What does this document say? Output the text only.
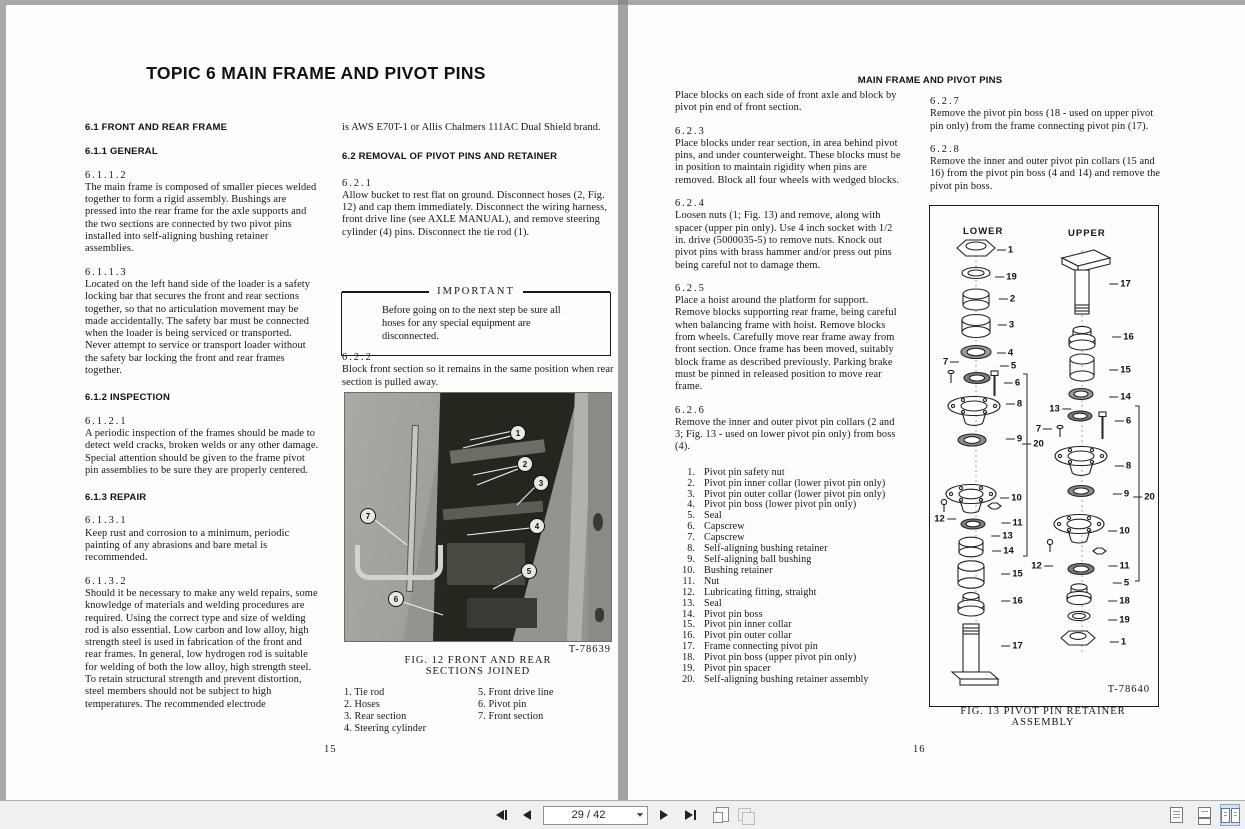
TOPIC 6 MAIN FRAME AND PIVOT PINS
6.1 FRONT AND REAR FRAME
6.1.1 GENERAL

6.1.1.2

The main frame is composed of smaller pieces welded together to form a rigid assembly. Bushings are pressed into the rear frame for the axle supports and the two sections are connected by two pivot pins installed into self-aligning bushing retainer assemblies.

6.1.1.3

Located on the left hand side of the loader is a safety locking bar that secures the front and rear sections together, so that no articulation movement may be made accidentally. The safety bar must be connected when the loader is being serviced or transported. Never attempt to service or transport loader without the safety bar locking the front and rear frames together.

6.1.2 INSPECTION

6.1.2.1

A periodic inspection of the frames should be made to detect weld cracks, broken welds or any other damage. Special attention should be given to the frame pivot pin assemblies to be sure they are properly centered.

6.1.3 REPAIR

6.1.3.1

Keep rust and corrosion to a minimum, periodic painting of any abrasions and bare metal is recommended.

6.1.3.2

Should it be necessary to make any weld repairs, some knowledge of materials and welding procedures are required. Using the correct type and size of welding rod is also essential. Low carbon and low alloy, high strength steel is used in fabrication of the front and rear frames. In general, low hydrogen rod is suitable for welding of both the low alloy, high strength steel. To retain structural strength and prevent distortion, steel members should not be subject to high temperatures. The recommended electrode

is AWS E70T-1 or Allis Chalmers 111AC Dual Shield brand.

6.2 REMOVAL OF PIVOT PINS AND RETAINER

6.2.1

Allow bucket to rest flat on ground. Disconnect hoses (2, Fig. 12) and cap them immediately. Disconnect the wiring harness, front drive line (see AXLE MANUAL), and remove steering cylinder (4) pins. Disconnect the tie rod (1).

IMPORTANT
Before going on to the next step be sure all hoses for any special equipment are disconnected.

6.2.2

Block front section so it remains in the same position when rear section is pulled away.

1
2
3
4
7
5
6
T-78639
FIG. 12 FRONT AND REAR
SECTIONS JOINED
1. Tie rod
2. Hoses
3. Rear section
4. Steering cylinder
5. Front drive line
6. Pivot pin
7. Front section
15
MAIN FRAME AND PIVOT PINS

Place blocks on each side of front axle and block by pivot pin end of front section.

6.2.3

Place blocks under rear section, in area behind pivot pins, and under counterweight. These blocks must be in position to maintain rigidity when pins are removed. Block all four wheels with wedged blocks.

6.2.4

Loosen nuts (1; Fig. 13) and remove, along with spacer (upper pin only). Use 4 inch socket with 1/2 in. drive (5000035-5) to remove nuts. Knock out pivot pins with brass hammer and/or press out pins being careful not to damage them.

6.2.5

Place a hoist around the platform for support. Remove blocks supporting rear frame, being careful when balancing frame with hoist. Remove blocks from wheels. Carefully move rear frame away from front section. Once frame has been moved, suitably block frame as described previously. Parking brake must be pinned in released position to move rear frame.

6.2.6

Remove the inner and outer pivot pin collars (2 and 3; Fig. 13 - used on lower pivot pin only) from boss (4).

1. Pivot pin safety nut
2. Pivot pin inner collar (lower pivot pin only)
3. Pivot pin outer collar (lower pivot pin only)
4. Pivot pin boss (lower pivot pin only)
5. Seal
6. Capscrew
7. Capscrew
8. Self-aligning bushing retainer
9. Self-aligning ball bushing
10. Bushing retainer
11. Nut
12. Lubricating fitting, straight
13. Seal
14. Pivot pin boss
15. Pivot pin inner collar
16. Pivot pin outer collar
17. Frame connecting pivot pin
18. Pivot pin boss (upper pivot pin only)
19. Pivot pin spacer
20. Self-aligning bushing retainer assembly

6.2.7

Remove the pivot pin boss (18 - used on upper pivot pin only) from the frame connecting pivot pin (17).

6.2.8

Remove the inner and outer pivot pin collars (15 and 16) from the pivot pin boss (4 and 14) and remove the pivot pin boss.

LOWER	UPPER
1
19
2
3
4
7	5
6
8
9 20
10
12	11
13
14
15
16
17
17
16
15
14
13
7
6
8
9 20
10
12	11
5
18
19
1
T-78640
FIG. 13 PIVOT PIN RETAINER ASSEMBLY
16
29 / 42
